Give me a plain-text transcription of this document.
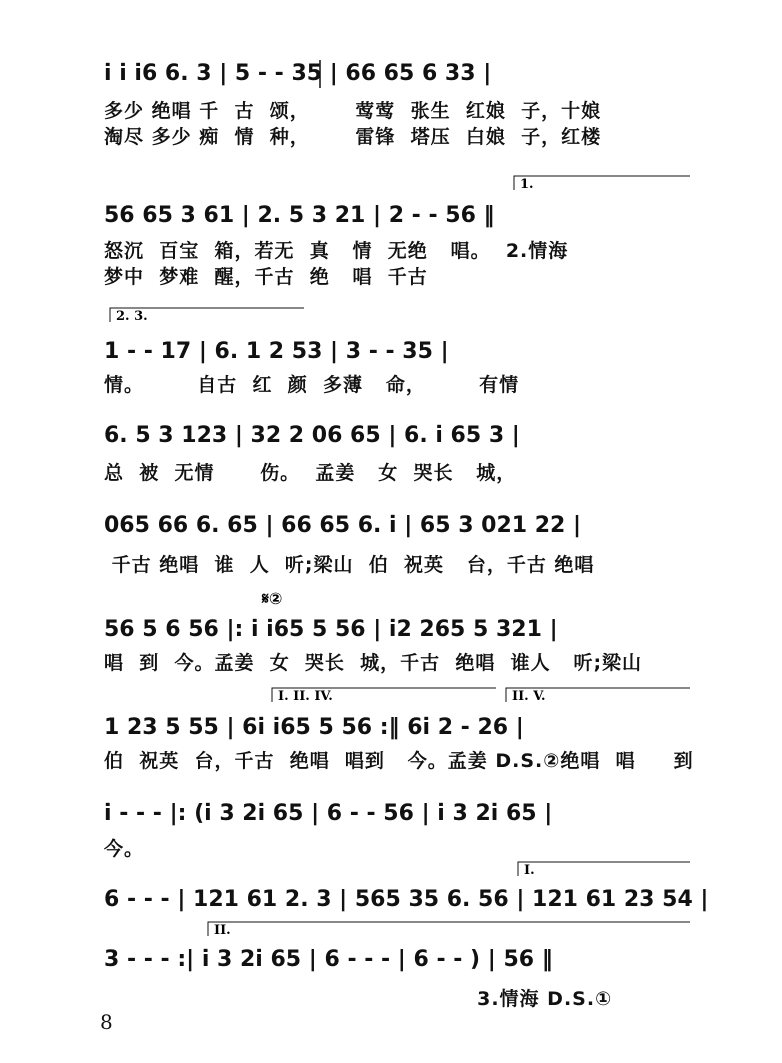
i̇ i̇ i̇6 6. 3 | 5 - - 35 | 66 65 6 33 |
多少 绝唱 千  古  颂，      莺莺  张生  红娘  子，十娘
淘尽 多少 痴  情  种，      雷锋  塔压  白娘  子，红楼
1.
56 65 3 61 | 2. 5 3 21 | 2 - - 56 ‖
怒沉  百宝  箱，若无  真   情  无绝   唱。  2.情海
梦中  梦难  醒，千古  绝   唱  千古
2. 3.
1 - - 17 | 6. 1 2 53 | 3 - - 35 |
情。       自古  红  颜  多薄   命，       有情
6. 5 3 123 | 32 2 06 65 | 6. i̇ 65 3 |
总  被  无情      伤。  孟姜   女  哭长   城，
065 66 6. 65 | 66 65 6. i̇ | 65 3 021 22 |
千古 绝唱  谁  人  听;梁山  伯  祝英   台，千古 绝唱
𝄋②
56 5 6 56 |: i̇ i̇65 5 56 | i̇2 265 5 321 |
唱  到  今。孟姜  女  哭长  城，千古  绝唱  谁人   听;梁山
I. II. IV.	II. V.
1 23 5 55 | 6i̇ i̇65 5 56 :‖ 6i̇ 2 - 26 |
伯  祝英  台，千古  绝唱  唱到   今。孟姜 D.S.②绝唱  唱     到
i̇ - - - |: (i̇ 3 2i̇ 65 | 6 - - 56 | i̇ 3 2i̇ 65 |
今。
I.
6 - - - | 121 61 2. 3 | 565 35 6. 56 | 121 61 23 54 |
II.
3 - - - :| i̇ 3 2i̇ 65 | 6 - - - | 6 - - ) | 56 ‖
3.情海 D.S.①
8
